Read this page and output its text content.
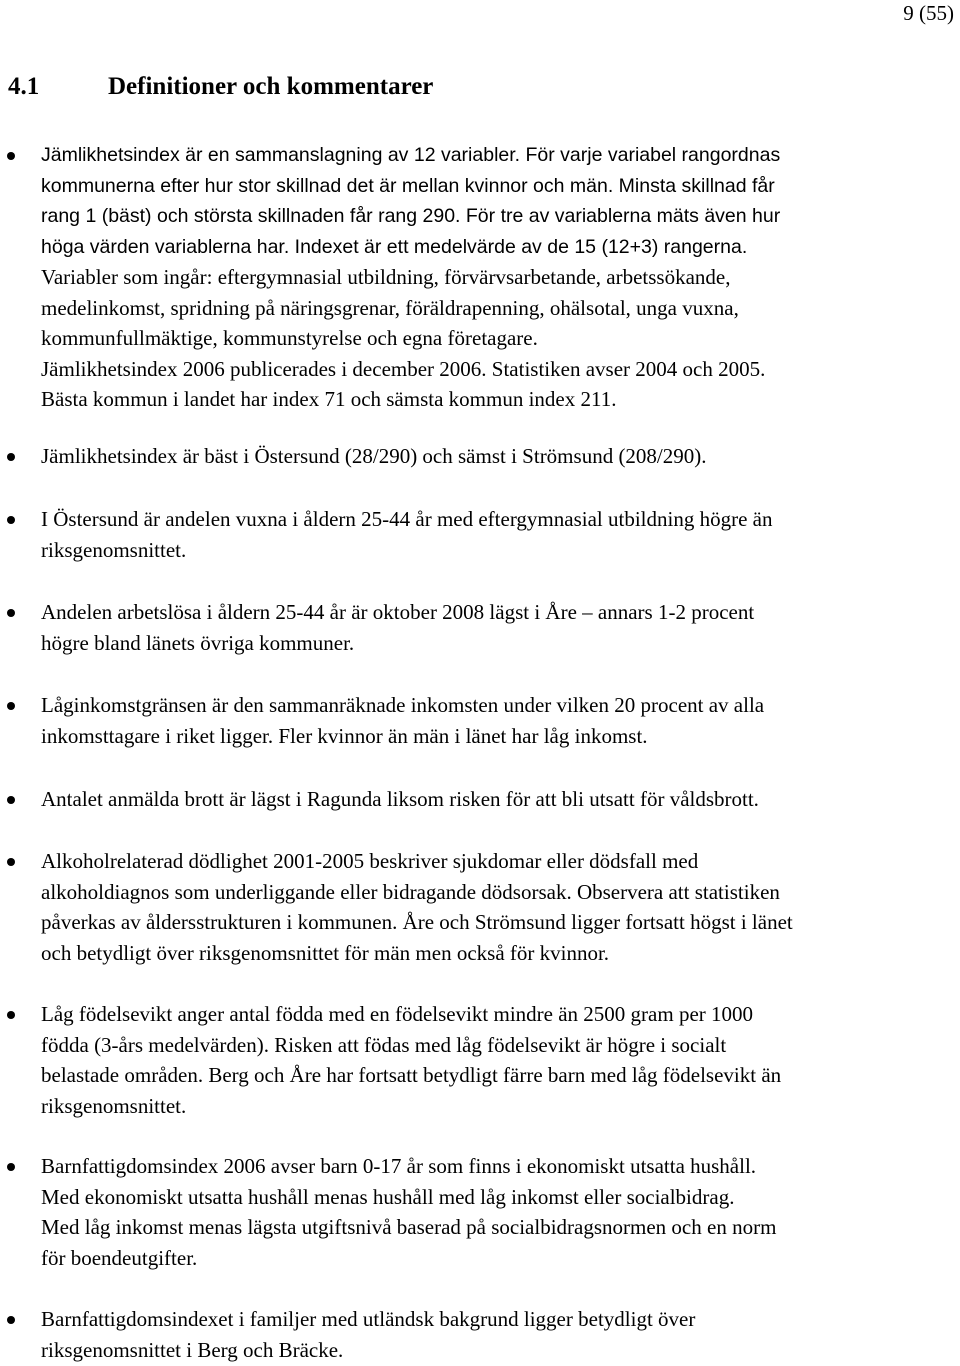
9 (55)
4.1	Definitioner och kommentarer
Jämlikhetsindex är en sammanslagning av 12 variabler. För varje variabel rangordnas
kommunerna efter hur stor skillnad det är mellan kvinnor och män. Minsta skillnad får
rang 1 (bäst) och största skillnaden får rang 290. För tre av variablerna mäts även hur
höga värden variablerna har. Indexet är ett medelvärde av de 15 (12+3) rangerna.
Variabler som ingår: eftergymnasial utbildning, förvärvsarbetande, arbetssökande,
medelinkomst, spridning på näringsgrenar, föräldrapenning, ohälsotal, unga vuxna,
kommunfullmäktige, kommunstyrelse och egna företagare.
Jämlikhetsindex 2006 publicerades i december 2006. Statistiken avser 2004 och 2005.
Bästa kommun i landet har index 71 och sämsta kommun index 211.
Jämlikhetsindex är bäst i Östersund (28/290) och sämst i Strömsund (208/290).
I Östersund är andelen vuxna i åldern 25-44 år med eftergymnasial utbildning högre än
riksgenomsnittet.
Andelen arbetslösa i åldern 25-44 år är oktober 2008 lägst i Åre – annars 1-2 procent
högre bland länets övriga kommuner.
Låginkomstgränsen är den sammanräknade inkomsten under vilken 20 procent av alla
inkomsttagare i riket ligger. Fler kvinnor än män i länet har låg inkomst.
Antalet anmälda brott är lägst i Ragunda liksom risken för att bli utsatt för våldsbrott.
Alkoholrelaterad dödlighet 2001-2005 beskriver sjukdomar eller dödsfall med
alkoholdiagnos som underliggande eller bidragande dödsorsak. Observera att statistiken
påverkas av åldersstrukturen i kommunen. Åre och Strömsund ligger fortsatt högst i länet
och betydligt över riksgenomsnittet för män men också för kvinnor.
Låg födelsevikt anger antal födda med en födelsevikt mindre än 2500 gram per 1000
födda (3-års medelvärden). Risken att födas med låg födelsevikt är högre i socialt
belastade områden. Berg och Åre har fortsatt betydligt färre barn med låg födelsevikt än
riksgenomsnittet.
Barnfattigdomsindex 2006 avser barn 0-17 år som finns i ekonomiskt utsatta hushåll.
Med ekonomiskt utsatta hushåll menas hushåll med låg inkomst eller socialbidrag.
Med låg inkomst menas lägsta utgiftsnivå baserad på socialbidragsnormen och en norm
för boendeutgifter.
Barnfattigdomsindexet i familjer med utländsk bakgrund ligger betydligt över
riksgenomsnittet i Berg och Bräcke.
